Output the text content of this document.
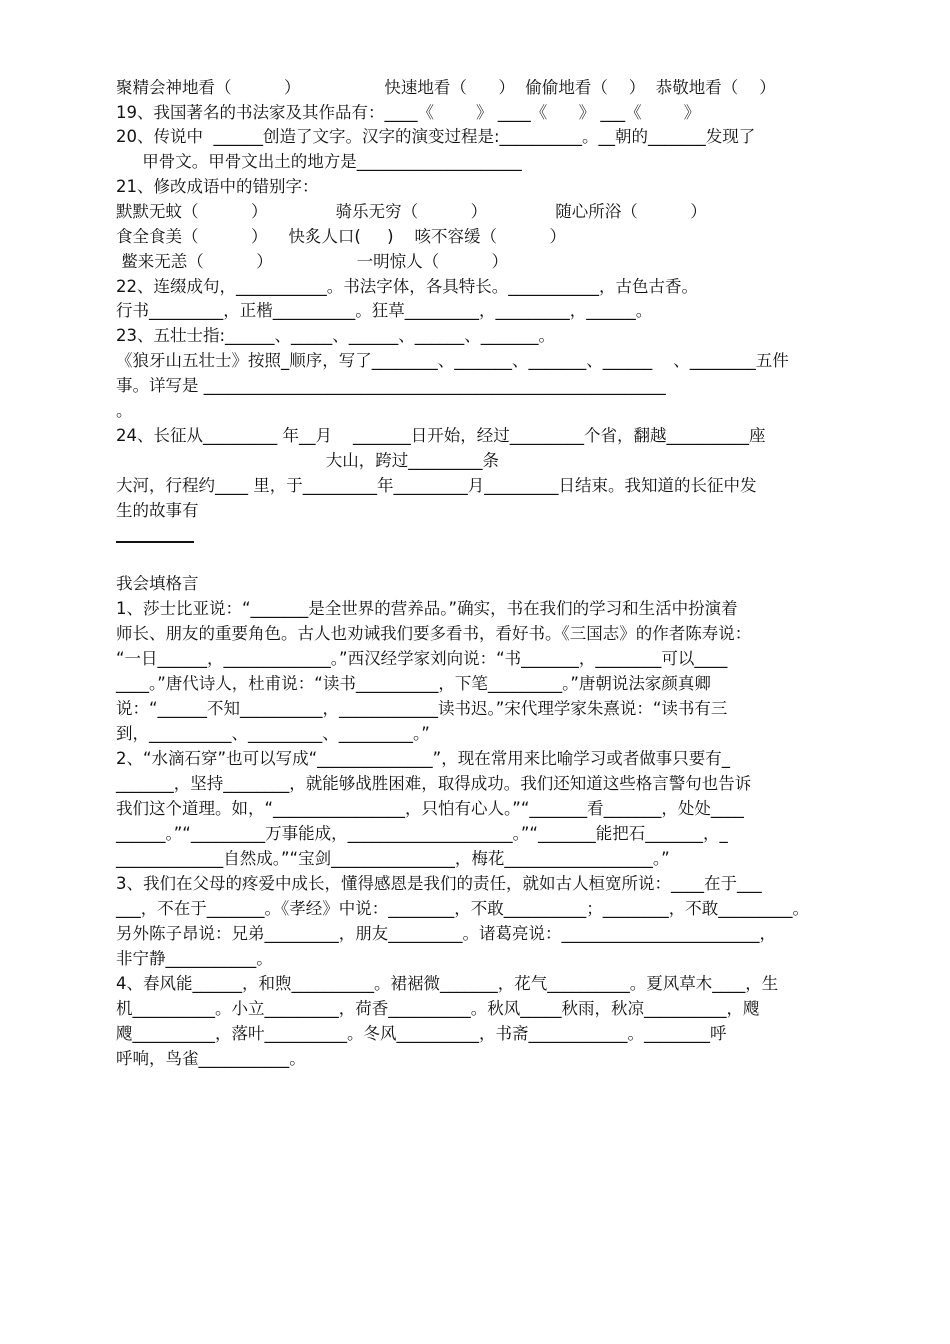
聚精会神地看（          ）                快速地看（      ）  偷偷地看（    ）  恭敬地看（    ）
19、我国著名的书法家及其作品有：____《        》 ____《      》 ___《        》
20、传说中  ______创造了文字。汉字的演变过程是:__________。__朝的_______发现了
甲骨文。甲骨文出土的地方是____________________
21、修改成语中的错别字：
默默无蚊（          ）             骑乐无穷（          ）             随心所浴（          ）
食全食美（          ）    快炙人口(     )    咳不容缓（          ）
鳖来无恙（          ）                一明惊人（          ）
22、连缀成句，___________。书法字体，各具特长。___________，古色古香。
行书_________，正楷__________。狂草_________，_________，______。
23、五壮士指:______、_____、______、______、_______。
《狼牙山五壮士》按照_顺序，写了________、_______、_______、______    、________五件
事。详写是 ________________________________________________________
。
24、长征从_________ 年__月    _______日开始，经过_________个省，翻越__________座
大山，跨过_________条
大河，行程约____ 里，于_________年_________月_________日结束。我知道的长征中发
生的故事有
我会填格言
1、莎士比亚说：“_______是全世界的营养品。”确实，书在我们的学习和生活中扮演着
师长、朋友的重要角色。古人也劝诫我们要多看书，看好书。《三国志》的作者陈寿说：
“一日______，_____________。”西汉经学家刘向说：“书_______，________可以____
____。”唐代诗人，杜甫说：“读书__________，下笔_________。”唐朝说法家颜真卿
说：“______不知__________，____________读书迟。”宋代理学家朱熹说：“读书有三
到，__________、_________、_________。”
2、“水滴石穿”也可以写成“______________”，现在常用来比喻学习或者做事只要有_
_______，坚持________，就能够战胜困难，取得成功。我们还知道这些格言警句也告诉
我们这个道理。如，“________________，只怕有心人。”“_______看_______，处处____
______。”“_________万事能成，____________________。”“_______能把石_______，_
_____________自然成。”“宝剑_______________，梅花__________________。”
3、我们在父母的疼爱中成长，懂得感恩是我们的责任，就如古人桓宽所说：____在于___
___，不在于_______。《孝经》中说：________，不敢__________；________，不敢_________。
另外陈子昂说：兄弟_________，朋友_________。诸葛亮说：________________________，
非宁静___________。
4、春风能______，和煦__________。裙裾微_______，花气__________。夏风草木____，生
机__________。小立_________，荷香__________。秋风_____秋雨，秋凉__________，飕
飕__________，落叶__________。冬风__________，书斋____________。________呼
呼响，鸟雀___________。
